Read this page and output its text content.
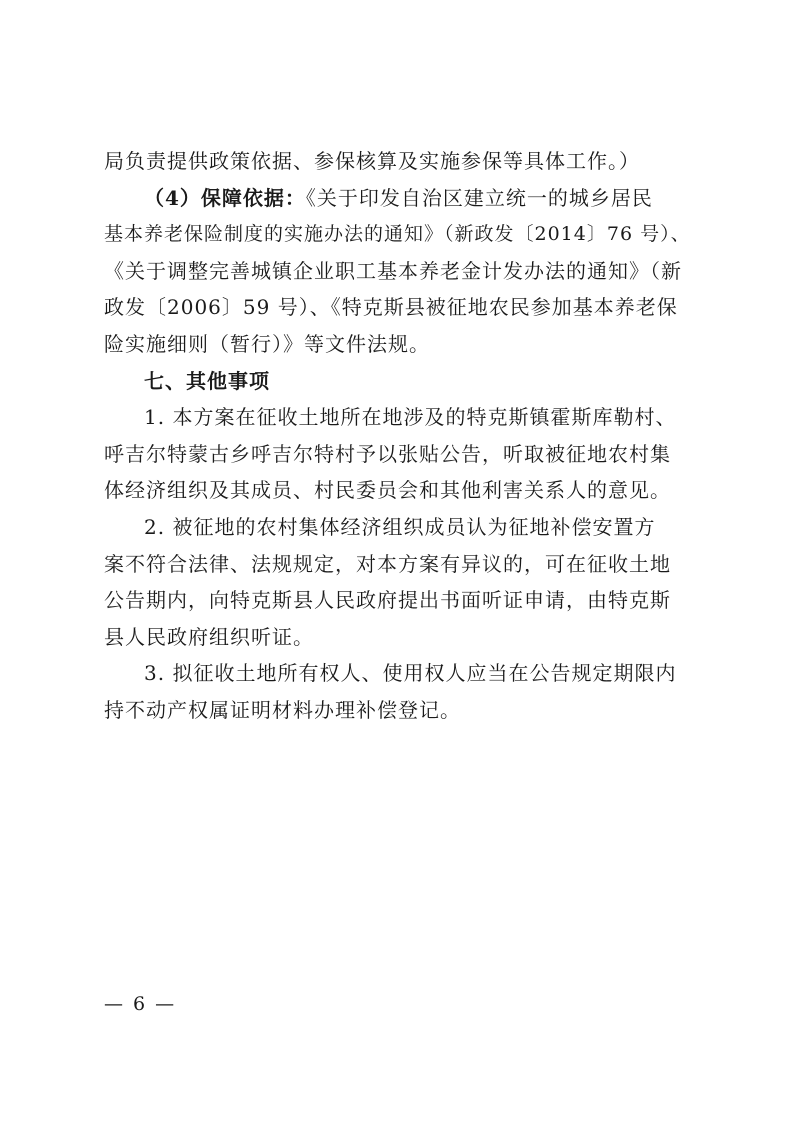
局负责提供政策依据、参保核算及实施参保等具体工作。）

（4）保障依据：《关于印发自治区建立统一的城乡居民

基本养老保险制度的实施办法的通知》（新政发〔2014〕76 号）、

《关于调整完善城镇企业职工基本养老金计发办法的通知》（新

政发〔2006〕59 号）、《特克斯县被征地农民参加基本养老保

险实施细则（暂行）》等文件法规。

七、其他事项

1. 本方案在征收土地所在地涉及的特克斯镇霍斯库勒村、

呼吉尔特蒙古乡呼吉尔特村予以张贴公告，听取被征地农村集

体经济组织及其成员、村民委员会和其他利害关系人的意见。

2. 被征地的农村集体经济组织成员认为征地补偿安置方

案不符合法律、法规规定，对本方案有异议的，可在征收土地

公告期内，向特克斯县人民政府提出书面听证申请，由特克斯

县人民政府组织听证。

3. 拟征收土地所有权人、使用权人应当在公告规定期限内

持不动产权属证明材料办理补偿登记。

— 6 —
